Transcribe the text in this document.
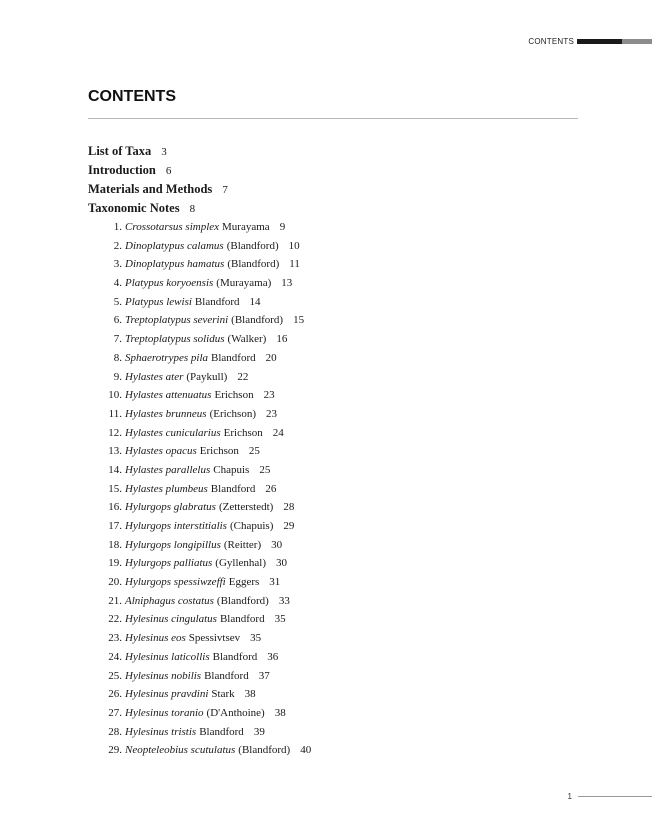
CONTENTS
CONTENTS
List of Taxa 3
Introduction 6
Materials and Methods 7
Taxonomic Notes 8
1. Crossotarsus simplex Murayama 9
2. Dinoplatypus calamus (Blandford) 10
3. Dinoplatypus hamatus (Blandford) 11
4. Platypus koryoensis (Murayama) 13
5. Platypus lewisi Blandford 14
6. Treptoplatypus severini (Blandford) 15
7. Treptoplatypus solidus (Walker) 16
8. Sphaerotrypes pila Blandford 20
9. Hylastes ater (Paykull) 22
10. Hylastes attenuatus Erichson 23
11. Hylastes brunneus (Erichson) 23
12. Hylastes cunicularius Erichson 24
13. Hylastes opacus Erichson 25
14. Hylastes parallelus Chapuis 25
15. Hylastes plumbeus Blandford 26
16. Hylurgops glabratus (Zetterstedt) 28
17. Hylurgops interstitialis (Chapuis) 29
18. Hylurgops longipillus (Reitter) 30
19. Hylurgops palliatus (Gyllenhal) 30
20. Hylurgops spessiwzeffi Eggers 31
21. Alniphagus costatus (Blandford) 33
22. Hylesinus cingulatus Blandford 35
23. Hylesinus eos Spessivtsev 35
24. Hylesinus laticollis Blandford 36
25. Hylesinus nobilis Blandford 37
26. Hylesinus pravdini Stark 38
27. Hylesinus toranio (D'Anthoine) 38
28. Hylesinus tristis Blandford 39
29. Neopteleobius scutulatus (Blandford) 40
1
